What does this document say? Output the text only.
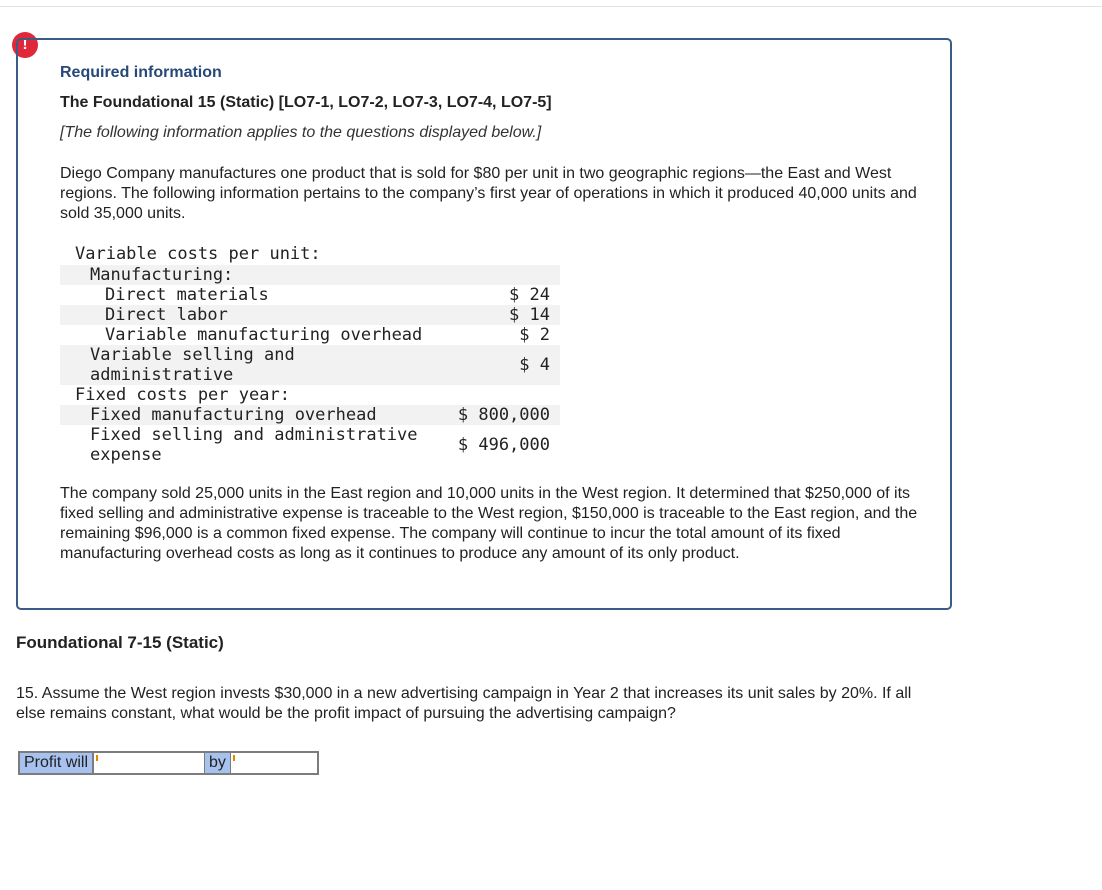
!
Required information
The Foundational 15 (Static) [LO7-1, LO7-2, LO7-3, LO7-4, LO7-5]
[The following information applies to the questions displayed below.]
Diego Company manufactures one product that is sold for $80 per unit in two geographic regions—the East and West regions. The following information pertains to the company’s first year of operations in which it produced 40,000 units and sold 35,000 units.
Variable costs per unit:
Manufacturing:
Direct materials	$ 24
Direct labor	$ 14
Variable manufacturing overhead	$ 2
Variable selling and
administrative	$ 4
Fixed costs per year:
Fixed manufacturing overhead	$ 800,000
Fixed selling and administrative
expense	$ 496,000
The company sold 25,000 units in the East region and 10,000 units in the West region. It determined that $250,000 of its fixed selling and administrative expense is traceable to the West region, $150,000 is traceable to the East region, and the remaining $96,000 is a common fixed expense. The company will continue to incur the total amount of its fixed manufacturing overhead costs as long as it continues to produce any amount of its only product.
Foundational 7-15 (Static)
15. Assume the West region invests $30,000 in a new advertising campaign in Year 2 that increases its unit sales by 20%. If all else remains constant, what would be the profit impact of pursuing the advertising campaign?
Profit will	by
